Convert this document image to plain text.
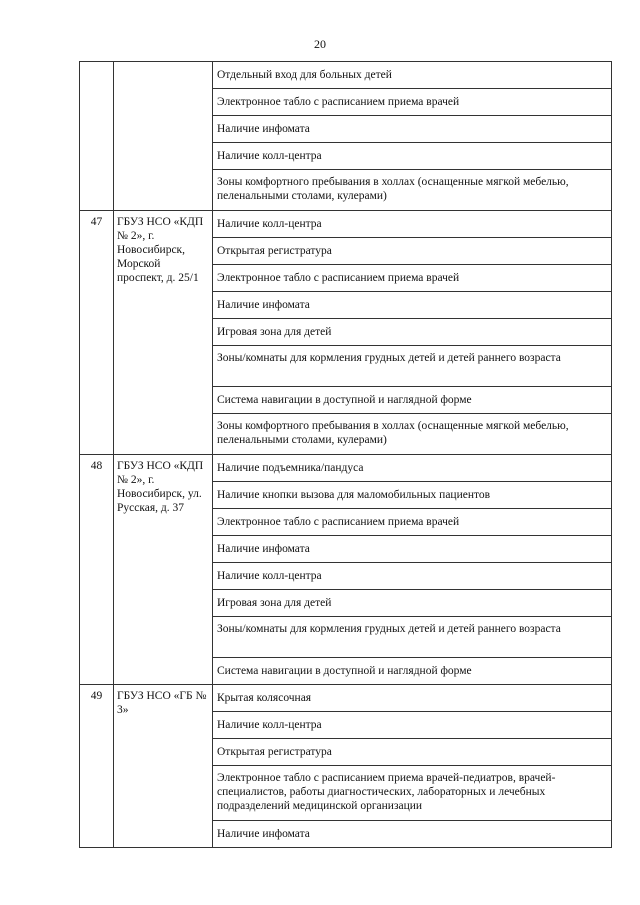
20
		Отдельный вход для больных детей
		Электронное табло с расписанием приема врачей
		Наличие инфомата
		Наличие колл-центра
		Зоны комфортного пребывания в холлах (оснащенные мягкой мебелью, пеленальными столами, кулерами)
47	ГБУЗ НСО «КДП № 2», г. Новосибирск, Морской проспект, д. 25/1	Наличие колл-центра
		Открытая регистратура
		Электронное табло с расписанием приема врачей
		Наличие инфомата
		Игровая зона для детей
		Зоны/комнаты для кормления грудных детей и детей раннего возраста
		Система навигации в доступной и наглядной форме
		Зоны комфортного пребывания в холлах (оснащенные мягкой мебелью, пеленальными столами, кулерами)
48	ГБУЗ НСО «КДП № 2», г. Новосибирск, ул. Русская, д. 37	Наличие подъемника/пандуса
		Наличие кнопки вызова для маломобильных пациентов
		Электронное табло с расписанием приема врачей
		Наличие инфомата
		Наличие колл-центра
		Игровая зона для детей
		Зоны/комнаты для кормления грудных детей и детей раннего возраста
		Система навигации в доступной и наглядной форме
49	ГБУЗ НСО «ГБ № 3»	Крытая колясочная
		Наличие колл-центра
		Открытая регистратура
		Электронное табло с расписанием приема врачей-педиатров, врачей-специалистов, работы диагностических, лабораторных и лечебных подразделений медицинской организации
		Наличие инфомата
